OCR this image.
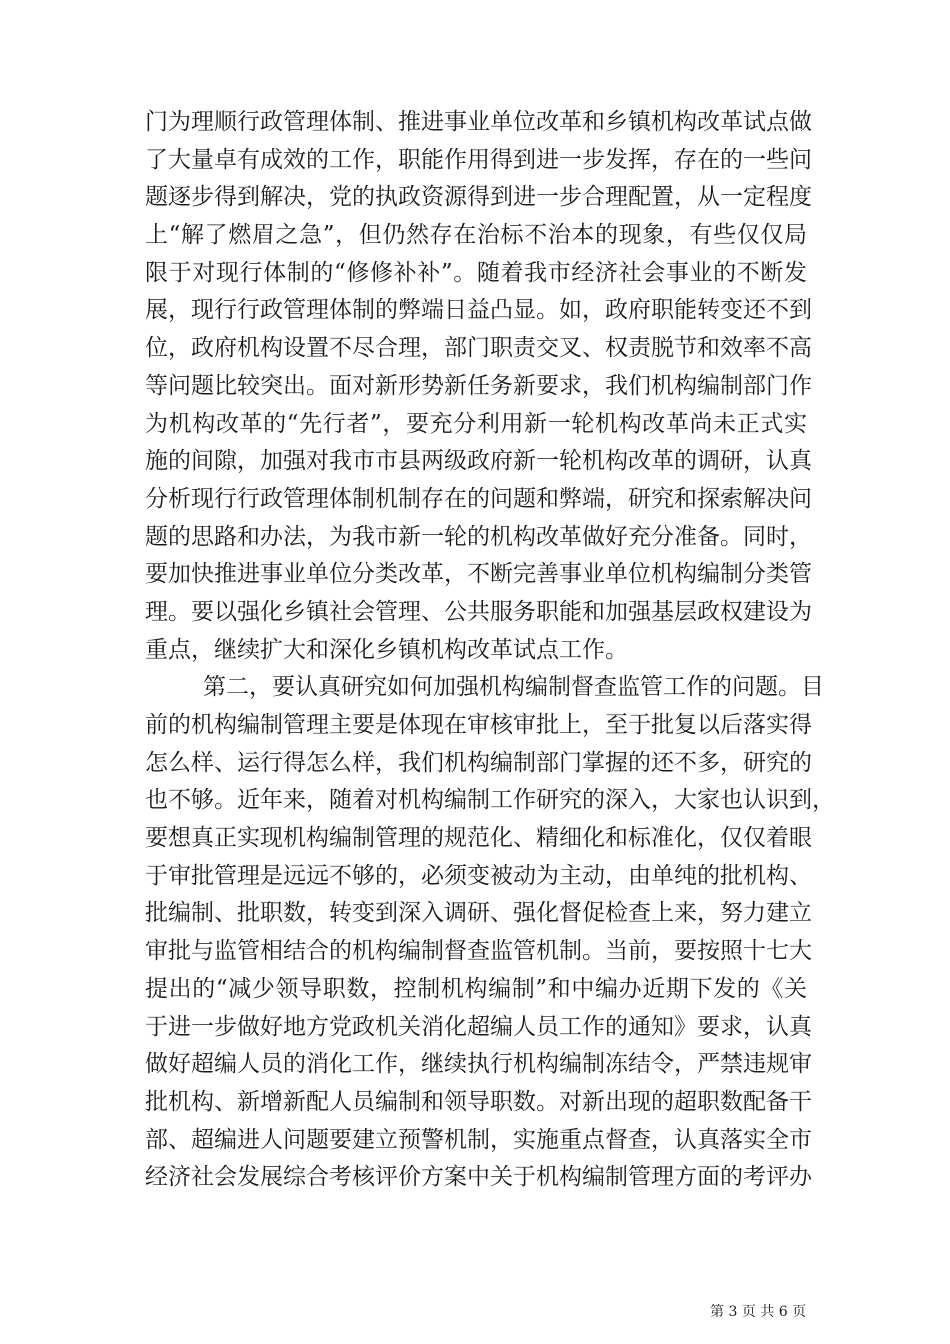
门为理顺行政管理体制、推进事业单位改革和乡镇机构改革试点做
了大量卓有成效的工作，职能作用得到进一步发挥，存在的一些问
题逐步得到解决，党的执政资源得到进一步合理配置，从一定程度
上“解了燃眉之急”，但仍然存在治标不治本的现象，有些仅仅局
限于对现行体制的“修修补补”。随着我市经济社会事业的不断发
展，现行行政管理体制的弊端日益凸显。如，政府职能转变还不到
位，政府机构设置不尽合理，部门职责交叉、权责脱节和效率不高
等问题比较突出。面对新形势新任务新要求，我们机构编制部门作
为机构改革的“先行者”，要充分利用新一轮机构改革尚未正式实
施的间隙，加强对我市市县两级政府新一轮机构改革的调研，认真
分析现行行政管理体制机制存在的问题和弊端，研究和探索解决问
题的思路和办法，为我市新一轮的机构改革做好充分准备。同时，
要加快推进事业单位分类改革，不断完善事业单位机构编制分类管
理。要以强化乡镇社会管理、公共服务职能和加强基层政权建设为
重点，继续扩大和深化乡镇机构改革试点工作。
第二，要认真研究如何加强机构编制督查监管工作的问题。目
前的机构编制管理主要是体现在审核审批上，至于批复以后落实得
怎么样、运行得怎么样，我们机构编制部门掌握的还不多，研究的
也不够。近年来，随着对机构编制工作研究的深入，大家也认识到，
要想真正实现机构编制管理的规范化、精细化和标准化，仅仅着眼
于审批管理是远远不够的，必须变被动为主动，由单纯的批机构、
批编制、批职数，转变到深入调研、强化督促检查上来，努力建立
审批与监管相结合的机构编制督查监管机制。当前，要按照十七大
提出的“减少领导职数，控制机构编制”和中编办近期下发的《关
于进一步做好地方党政机关消化超编人员工作的通知》要求，认真
做好超编人员的消化工作，继续执行机构编制冻结令，严禁违规审
批机构、新增新配人员编制和领导职数。对新出现的超职数配备干
部、超编进人问题要建立预警机制，实施重点督查，认真落实全市
经济社会发展综合考核评价方案中关于机构编制管理方面的考评办
第 3 页 共 6 页
